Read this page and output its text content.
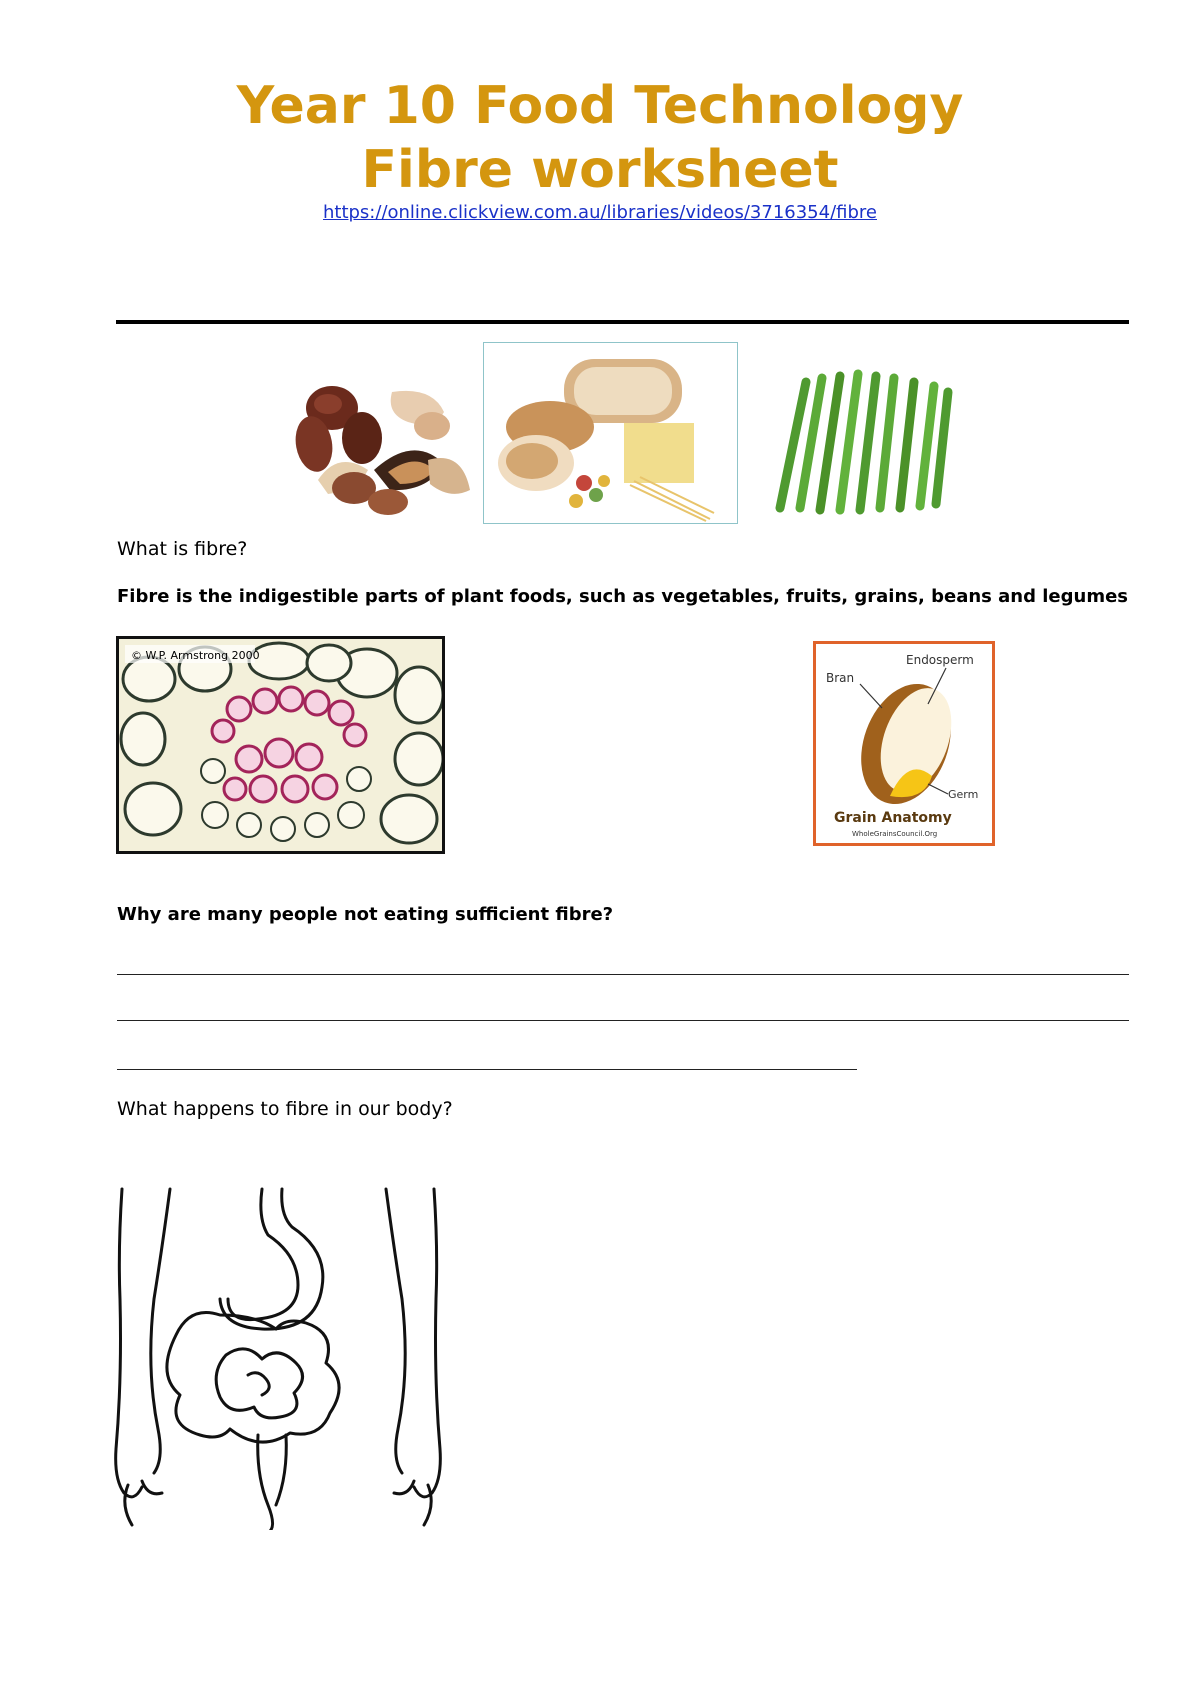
Year 10 Food Technology
Fibre worksheet
https://online.clickview.com.au/libraries/videos/3716354/fibre
What is fibre?
Fibre is the indigestible parts of plant foods, such as vegetables, fruits, grains, beans and legumes
© W.P. Armstrong 2000	Endosperm
Bran
Germ
Grain Anatomy
WholeGrainsCouncil.Org
Why are many people not eating sufficient fibre?
What happens to fibre in our body?
